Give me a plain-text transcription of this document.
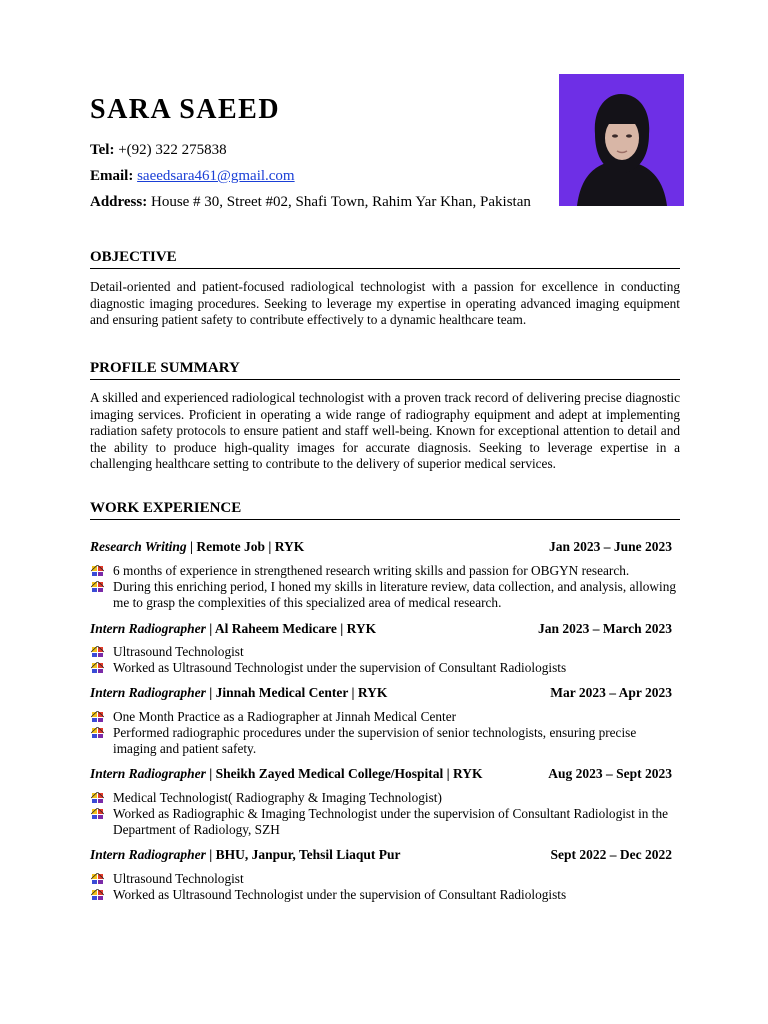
SARA SAEED
Tel: +(92) 322 275838
Email: saeedsara461@gmail.com
Address: House # 30, Street #02, Shafi Town, Rahim Yar Khan, Pakistan
OBJECTIVE

Detail-oriented and patient-focused radiological technologist with a passion for excellence in conducting diagnostic imaging procedures. Seeking to leverage my expertise in operating advanced imaging equipment and ensuring patient safety to contribute effectively to a dynamic healthcare team.

PROFILE SUMMARY

A skilled and experienced radiological technologist with a proven track record of delivering precise diagnostic imaging services. Proficient in operating a wide range of radiography equipment and adept at implementing radiation safety protocols to ensure patient and staff well-being. Known for exceptional attention to detail and the ability to produce high-quality images for accurate diagnosis. Seeking to leverage expertise in a challenging healthcare setting to contribute to the delivery of superior medical services.

WORK EXPERIENCE
Research Writing | Remote Job | RYK	Jan 2023 – June 2023
6 months of experience in strengthened research writing skills and passion for OBGYN research.
During this enriching period, I honed my skills in literature review, data collection, and analysis, allowing me to grasp the complexities of this specialized area of medical research.
Intern Radiographer | Al Raheem Medicare | RYK	Jan 2023 – March 2023
Ultrasound Technologist
Worked as Ultrasound Technologist under the supervision of Consultant Radiologists
Intern Radiographer | Jinnah Medical Center | RYK	Mar 2023 – Apr 2023
One Month Practice as a Radiographer at Jinnah Medical Center
Performed radiographic procedures under the supervision of senior technologists, ensuring precise imaging and patient safety.
Intern Radiographer | Sheikh Zayed Medical College/Hospital | RYK	Aug 2023 – Sept 2023
Medical Technologist( Radiography & Imaging Technologist)
Worked as Radiographic & Imaging Technologist under the supervision of Consultant Radiologist in the Department of Radiology, SZH
Intern Radiographer | BHU, Janpur, Tehsil Liaqut Pur	Sept 2022 – Dec 2022
Ultrasound Technologist
Worked as Ultrasound Technologist under the supervision of Consultant Radiologists
